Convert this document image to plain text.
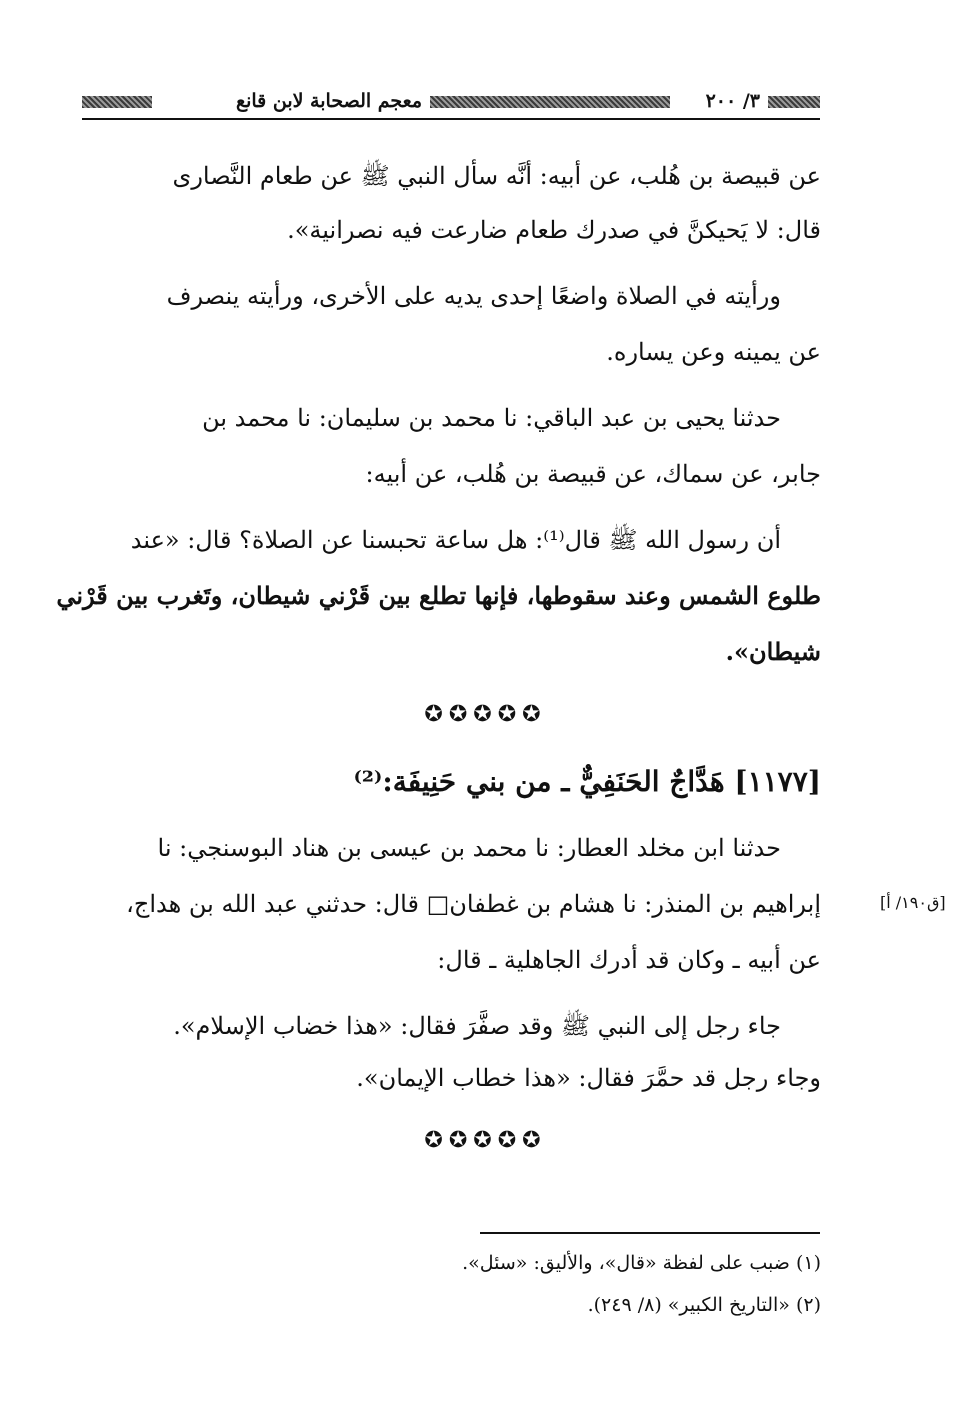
٣/ ٢٠٠
معجم الصحابة لابن قانع
عن قبيصة بن هُلب، عن أبيه: أنَّه سأل النبي ﷺ عن طعام النَّصارى
قال: لا يَحيكنَّ في صدرك طعام ضارعت فيه نصرانية».
ورأيته في الصلاة واضعًا إحدى يديه على الأخرى، ورأيته ينصرف
عن يمينه وعن يساره.
حدثنا يحيى بن عبد الباقي: نا محمد بن سليمان: نا محمد بن
جابر، عن سماك، عن قبيصة بن هُلب، عن أبيه:
أن رسول الله ﷺ قال⁽¹⁾: هل ساعة تحبسنا عن الصلاة؟ قال: «عند
طلوع الشمس وعند سقوطها، فإنها تطلع بين قَرْني شيطان، وتَغرب بين قَرْني
شيطان».
✪✪✪✪✪
[١١٧٧] هَدَّاجٌ الحَنَفِيٌّ ـ من بني حَنِيفَة:⁽²⁾
حدثنا ابن مخلد العطار: نا محمد بن عيسى بن هناد البوسنجي: نا
إبراهيم بن المنذر: نا هشام بن غطفان□ قال: حدثني عبد الله بن هداج،	[ق١٩٠/ أ]
عن أبيه ـ وكان قد أدرك الجاهلية ـ قال:
جاء رجل إلى النبي ﷺ وقد صفَّرَ فقال: «هذا خضاب الإسلام».
وجاء رجل قد حمَّرَ فقال: «هذا خطاب الإيمان».
✪✪✪✪✪
(١) ضبب على لفظة «قال»، والأليق: «سئل».
(٢) «التاريخ الكبير» (٨/ ٢٤٩).
